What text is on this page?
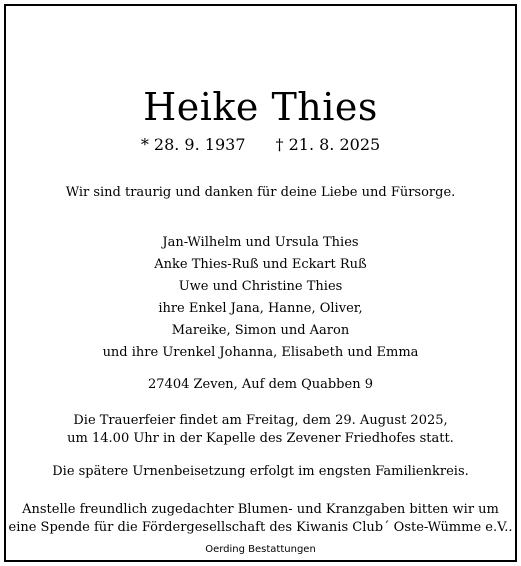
Heike Thies
* 28. 9. 1937 † 21. 8. 2025
Wir sind traurig und danken für deine Liebe und Fürsorge.
Jan-Wilhelm und Ursula Thies
Anke Thies-Ruß und Eckart Ruß
Uwe und Christine Thies
ihre Enkel Jana, Hanne, Oliver,
Mareike, Simon und Aaron
und ihre Urenkel Johanna, Elisabeth und Emma
27404 Zeven, Auf dem Quabben 9
Die Trauerfeier findet am Freitag, dem 29. August 2025,
um 14.00 Uhr in der Kapelle des Zevener Friedhofes statt.
Die spätere Urnenbeisetzung erfolgt im engsten Familienkreis.
Anstelle freundlich zugedachter Blumen- und Kranzgaben bitten wir um
eine Spende für die Fördergesellschaft des Kiwanis Club´ Oste-Wümme e.V..
Oerding Bestattungen
